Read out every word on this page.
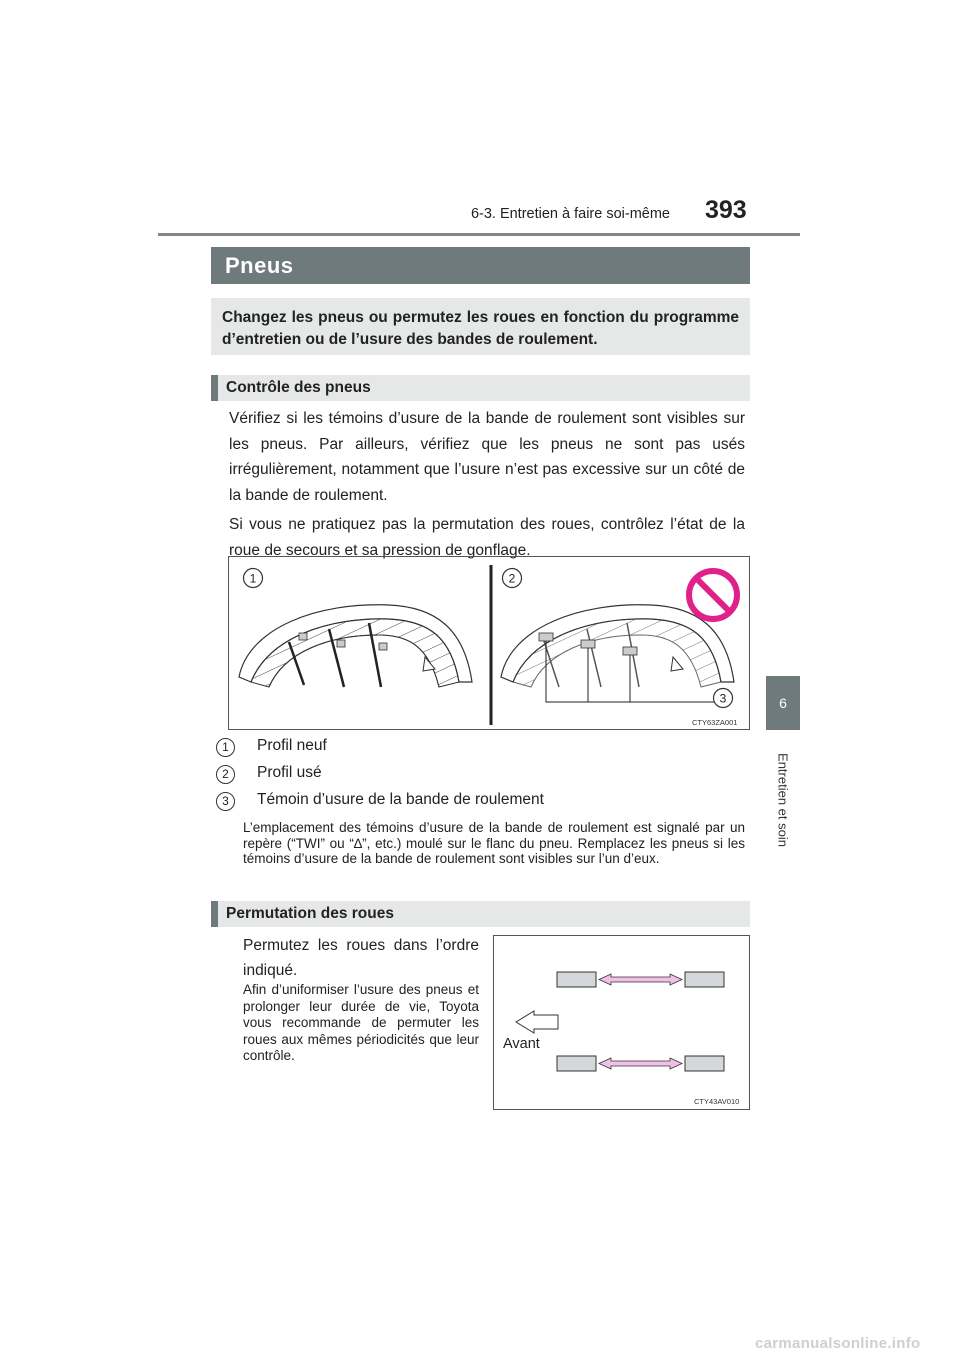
6-3. Entretien à faire soi-même 393
6
Entretien et soin
Pneus
Changez les pneus ou permutez les roues en fonction du programme d’entretien ou de l’usure des bandes de roulement.
Contrôle des pneus

Vérifiez si les témoins d’usure de la bande de roulement sont visibles sur les pneus. Par ailleurs, vérifiez que les pneus ne sont pas usés irrégulièrement, notamment que l’usure n’est pas excessive sur un côté de la bande de roulement.

Si vous ne pratiquez pas la permutation des roues, contrôlez l’état de la roue de secours et sa pression de gonflage.

1	2
3
CTY63ZA001
1	Profil neuf
2	Profil usé
3	Témoin d’usure de la bande de roulement
L’emplacement des témoins d’usure de la bande de roulement est signalé par un repère (“TWI” ou “∆”, etc.) moulé sur le flanc du pneu. Remplacez les pneus si les témoins d’usure de la bande de roulement sont visibles sur l’un d’eux.
Permutation des roues
Permutez les roues dans l’ordre indiqué.
Afin d’uniformiser l’usure des pneus et prolonger leur durée de vie, Toyota vous recommande de permuter les roues aux mêmes périodicités que leur contrôle.
Avant
CTY43AV010
carmanualsonline.info
